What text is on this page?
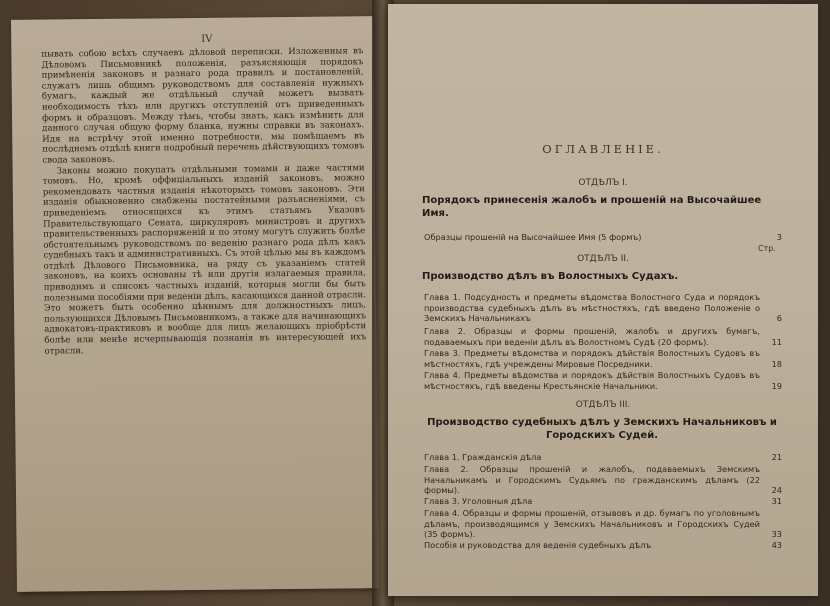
IV

пывать собою всѣхъ случаевъ дѣловой переписки. Изложенныя въ Дѣловомъ Письмовникѣ положенія, разъясняющія порядокъ примѣненія законовъ и разнаго рода правилъ и постановленій, служатъ лишь общимъ руководствомъ для составленія нужныхъ бумагъ, каждый же отдѣльный случай можетъ вызвать необходимость тѣхъ или другихъ отступленій отъ приведенныхъ формъ и образцовъ. Между тѣмъ, чтобы знать, какъ измѣнить для данного случая общую форму бланка, нужны справки въ законахъ. Идя на встрѣчу этой именно потребности, мы помѣщаемъ въ послѣднемъ отдѣлѣ книги подробный перечень дѣйствующихъ томовъ свода законовъ.

Законы можно покупать отдѣльными томами и даже частями томовъ. Но, кромѣ оффиціальныхъ изданій законовъ, можно рекомендовать частныя изданія нѣкоторыхъ томовъ законовъ. Эти изданія обыкновенно снабжены постатейными разъясненіями, съ приведеніемъ относящихся къ этимъ статьямъ Указовъ Правительствующаго Сената, циркуляровъ министровъ и другихъ правительственныхъ распоряженій и по этому могутъ служить болѣе обстоятельнымъ руководствомъ по веденію разнаго рода дѣлъ какъ судебныхъ такъ и административныхъ. Съ этой цѣлью мы въ каждомъ отдѣлѣ Дѣлового Письмовника, на ряду съ указаніемъ статей законовъ, на коихъ основаны тѣ или другія излагаемыя правила, приводимъ и списокъ частныхъ изданій, которыя могли бы быть полезными пособіями при веденіи дѣлъ, касающихся данной отрасли. Это можетъ быть особенно цѣннымъ для должностныхъ лицъ, пользующихся Дѣловымъ Письмовникомъ, а также для начинающихъ адвокатовъ-практиковъ и вообще для лицъ желающихъ пріобрѣсти болѣе или менѣе исчерпывающія познанія въ интересующей ихъ отрасли.

ОГЛАВЛЕНІЕ.
ОТДѢЛЪ I.
Порядокъ принесенія жалобъ и прошеній на Высочайшее Имя.
Стр.
Образцы прошеній на Высочайшее Имя (5 формъ)	3
ОТДѢЛЪ II.
Производство дѣлъ въ Волостныхъ Судахъ.
Глава 1. Подсудность и предметы вѣдомства Волостного Суда и порядокъ производства судебныхъ дѣлъ въ мѣстностяхъ, гдѣ введено Положеніе о Земскихъ Начальникахъ	6
Глава 2. Образцы и формы прошеній, жалобъ и другихъ бумагъ, подаваемыхъ при веденіи дѣлъ въ Волостномъ Судѣ (20 формъ).	11
Глава 3. Предметы вѣдомства и порядокъ дѣйствія Волостныхъ Судовъ въ мѣстностяхъ, гдѣ учреждены Мировые Посредники.	18
Глава 4. Предметы вѣдомства и порядокъ дѣйствія Волостныхъ Судовъ въ мѣстностяхъ, гдѣ введены Крестьянскіе Начальники.	19
ОТДѢЛЪ III.
Производство судебныхъ дѣлъ у Земскихъ Начальниковъ и Городскихъ Судей.
Глава 1. Гражданскія дѣла	21
Глава 2. Образцы прошеній и жалобъ, подаваемыхъ Земскимъ Начальникамъ и Городскимъ Судьямъ по гражданскимъ дѣламъ (22 формы).	24
Глава 3. Уголовныя дѣла	31
Глава 4. Образцы и формы прошеній, отзывовъ и др. бумагъ по уголовнымъ дѣламъ, производящимся у Земскихъ Начальниковъ и Городскихъ Судей (35 формъ).	33
Пособія и руководства для веденія судебныхъ дѣлъ	43
